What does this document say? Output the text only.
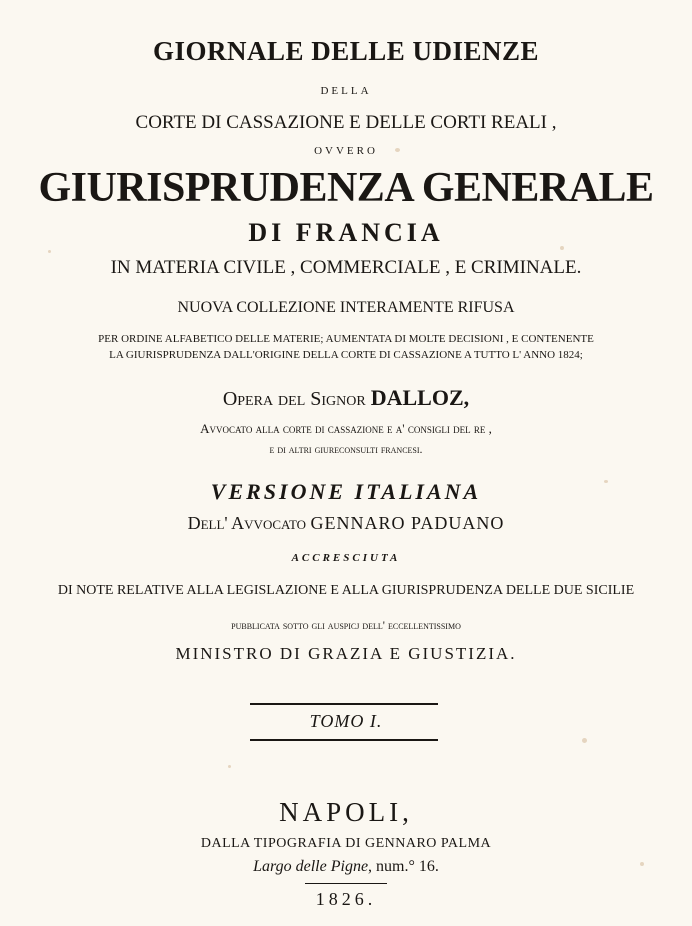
GIORNALE DELLE UDIENZE

DELLA

CORTE DI CASSAZIONE E DELLE CORTI REALI ,

OVVERO

GIURISPRUDENZA GENERALE

DI FRANCIA

IN MATERIA CIVILE , COMMERCIALE , E CRIMINALE.

NUOVA COLLEZIONE INTERAMENTE RIFUSA

PER ORDINE ALFABETICO DELLE MATERIE; AUMENTATA DI MOLTE DECISIONI , E CONTENENTE

LA GIURISPRUDENZA DALL'ORIGINE DELLA CORTE DI CASSAZIONE A TUTTO L' ANNO 1824;

Opera del Signor DALLOZ,

Avvocato alla corte di cassazione e a' consigli del re ,

e di altri giureconsulti francesi.

VERSIONE ITALIANA

Dell' Avvocato GENNARO PADUANO

ACCRESCIUTA

DI NOTE RELATIVE ALLA LEGISLAZIONE E ALLA GIURISPRUDENZA DELLE DUE SICILIE

pubblicata sotto gli auspicj dell' eccellentissimo

MINISTRO DI GRAZIA E GIUSTIZIA.

TOMO I.

NAPOLI,

DALLA TIPOGRAFIA DI GENNARO PALMA

Largo delle Pigne, num.° 16.

1826.
